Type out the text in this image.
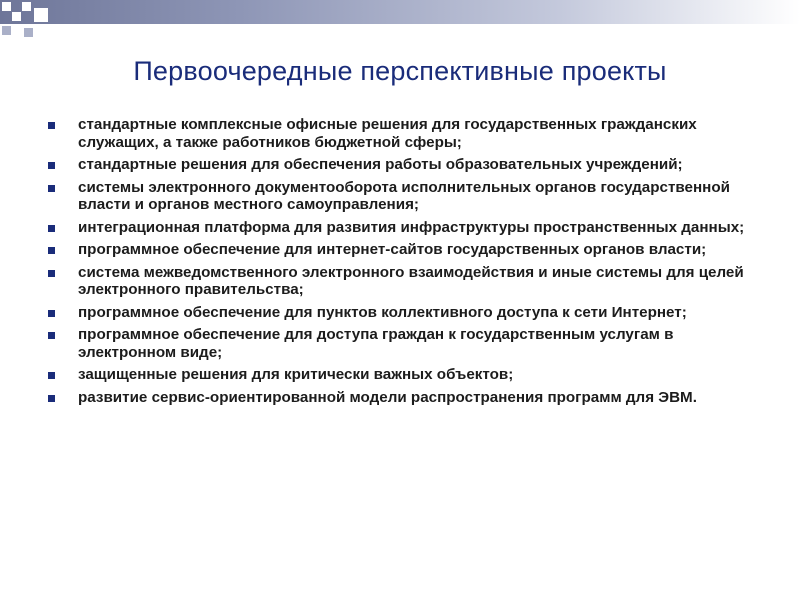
Первоочередные перспективные проекты
стандартные комплексные офисные решения для государственных гражданских служащих, а также работников бюджетной сферы;
стандартные решения для обеспечения работы образовательных учреждений;
системы электронного документооборота исполнительных органов государственной власти и органов местного самоуправления;
интеграционная платформа для развития инфраструктуры пространственных данных;
программное обеспечение для интернет-сайтов государственных органов власти;
система межведомственного электронного взаимодействия и иные системы для целей электронного правительства;
программное обеспечение для пунктов коллективного доступа к сети Интернет;
программное обеспечение для доступа граждан к государственным услугам в электронном виде;
защищенные решения для критически важных объектов;
развитие сервис-ориентированной модели распространения программ для ЭВМ.
